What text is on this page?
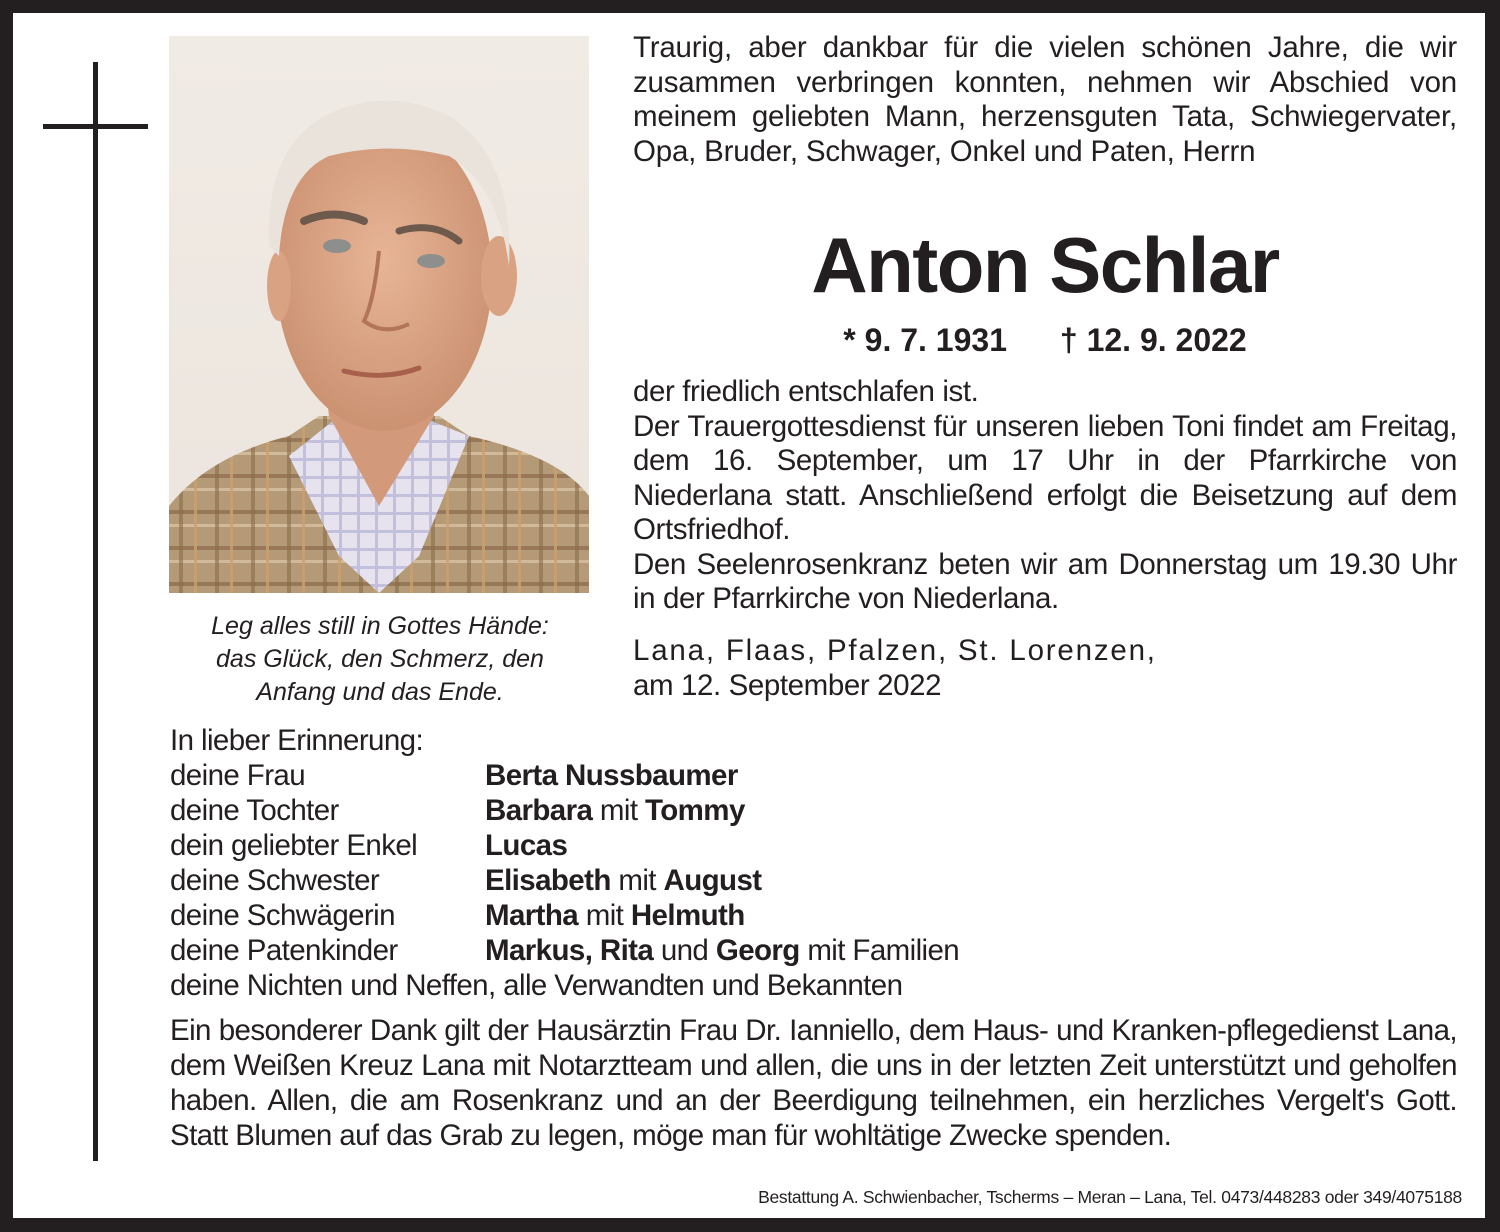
Leg alles still in Gottes Hände:
das Glück, den Schmerz, den
Anfang und das Ende.
Traurig, aber dankbar für die vielen schönen Jahre, die wir zusammen verbringen konnten, nehmen wir Abschied von meinem geliebten Mann, herzensguten Tata, Schwiegervater, Opa, Bruder, Schwager, Onkel und Paten, Herrn
Anton Schlar
* 9. 7. 1931 † 12. 9. 2022
der friedlich entschlafen ist.
Der Trauergottesdienst für unseren lieben Toni findet am Freitag, dem 16. September, um 17 Uhr in der Pfarrkirche von Niederlana statt. Anschließend erfolgt die Beisetzung auf dem Ortsfriedhof.
Den Seelenrosenkranz beten wir am Donnerstag um 19.30 Uhr in der Pfarrkirche von Niederlana.
Lana, Flaas, Pfalzen, St. Lorenzen,
am 12. September 2022
In lieber Erinnerung:
deine Frau	Berta Nussbaumer
deine Tochter	Barbara mit Tommy
dein geliebter Enkel	Lucas
deine Schwester	Elisabeth mit August
deine Schwägerin	Martha mit Helmuth
deine Patenkinder	Markus, Rita und Georg mit Familien
deine Nichten und Neffen, alle Verwandten und Bekannten
Ein besonderer Dank gilt der Hausärztin Frau Dr. Ianniello, dem Haus- und Kranken-pflegedienst Lana, dem Weißen Kreuz Lana mit Notarztteam und allen, die uns in der letzten Zeit unterstützt und geholfen haben. Allen, die am Rosenkranz und an der Beerdigung teilnehmen, ein herzliches Vergelt's Gott. Statt Blumen auf das Grab zu legen, möge man für wohltätige Zwecke spenden.
Bestattung A. Schwienbacher, Tscherms – Meran – Lana, Tel. 0473/448283 oder 349/4075188
